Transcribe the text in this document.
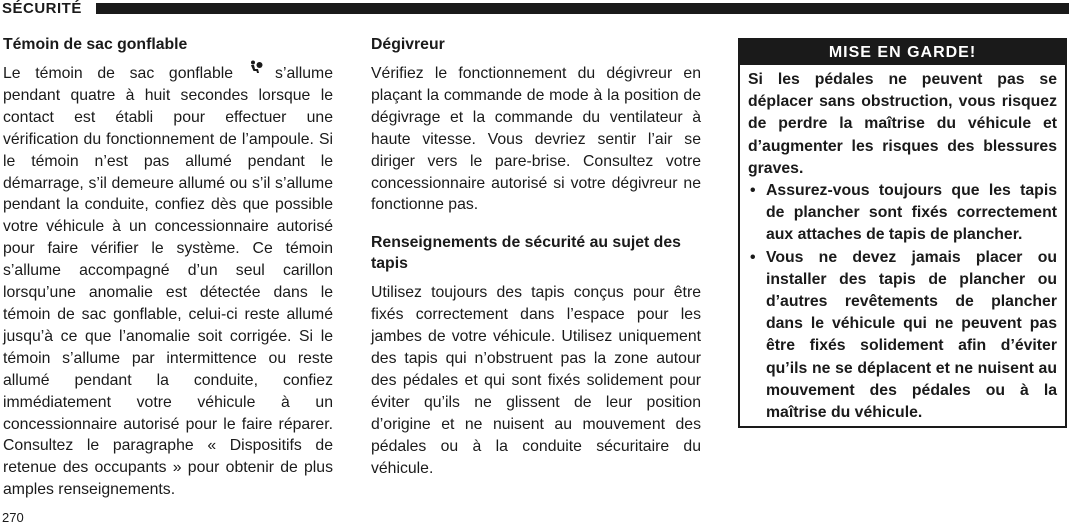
SÉCURITÉ
Témoin de sac gonflable

Le témoin de sac gonflable	s’allume pendant quatre à huit secondes lorsque le contact est établi pour effectuer une vérification du fonctionnement de l’ampoule. Si le témoin n’est pas allumé pendant le démarrage, s’il demeure allumé ou s’il s’allume pendant la conduite, confiez dès que possible votre véhicule à un concessionnaire autorisé pour faire vérifier le système. Ce témoin s’allume accompagné d’un seul carillon lorsqu’une anomalie est détectée dans le témoin de sac gonflable, celui-ci reste allumé jusqu’à ce que l’anomalie soit corrigée. Si le témoin s’allume par intermittence ou reste allumé pendant la conduite, confiez immédiatement votre véhicule à un concessionnaire autorisé pour le faire réparer. Consultez le paragraphe « Dispositifs de retenue des occupants » pour obtenir de plus amples renseignements.

Dégivreur

Vérifiez le fonctionnement du dégivreur en plaçant la commande de mode à la position de dégivrage et la commande du ventilateur à haute vitesse. Vous devriez sentir l’air se diriger vers le pare-brise. Consultez votre concessionnaire autorisé si votre dégivreur ne fonctionne pas.

Renseignements de sécurité au sujet des tapis

Utilisez toujours des tapis conçus pour être fixés correctement dans l’espace pour les jambes de votre véhicule. Utilisez uniquement des tapis qui n’obstruent pas la zone autour des pédales et qui sont fixés solidement pour éviter qu’ils ne glissent de leur position d’origine et ne nuisent au mouvement des pédales ou à la conduite sécuritaire du véhicule.

MISE EN GARDE!

Si les pédales ne peuvent pas se déplacer sans obstruction, vous risquez de perdre la maîtrise du véhicule et d’augmenter les risques des blessures graves.

• Assurez-vous toujours que les tapis de plancher sont fixés correctement aux attaches de tapis de plancher.
• Vous ne devez jamais placer ou installer des tapis de plancher ou d’autres revêtements de plancher dans le véhicule qui ne peuvent pas être fixés solidement afin d’éviter qu’ils ne se déplacent et ne nuisent au mouvement des pédales ou à la maîtrise du véhicule.
270
